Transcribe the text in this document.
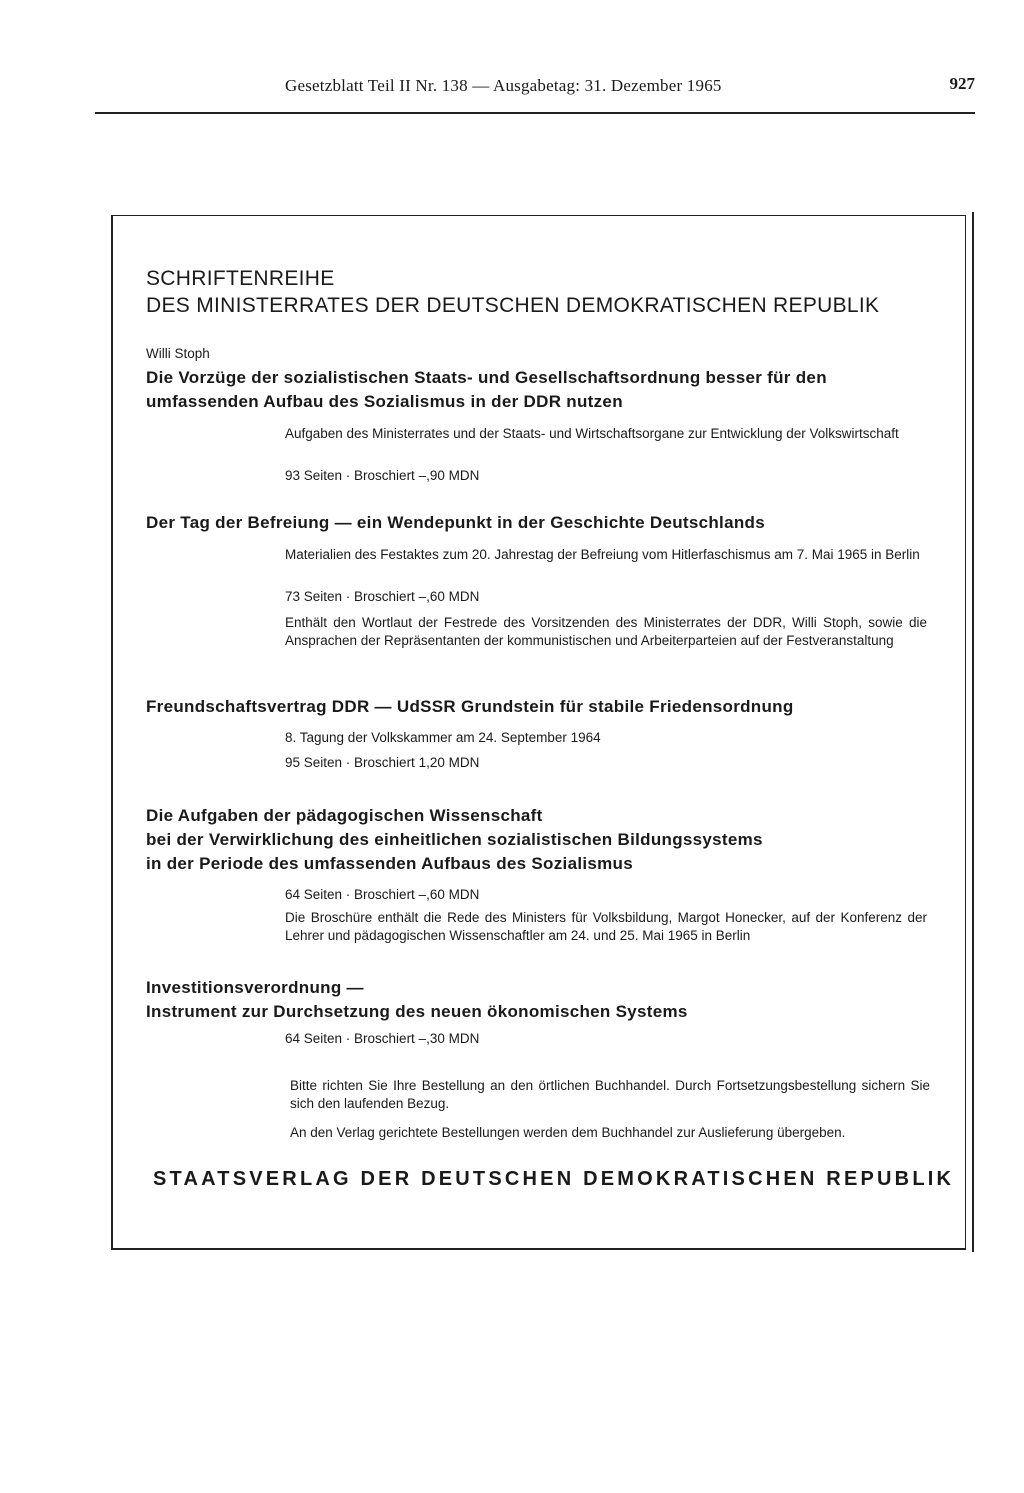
Gesetzblatt Teil II Nr. 138 — Ausgabetag: 31. Dezember 1965	927
SCHRIFTENREIHE
DES MINISTERRATES DER DEUTSCHEN DEMOKRATISCHEN REPUBLIK
Willi Stoph
Die Vorzüge der sozialistischen Staats- und Gesellschaftsordnung besser für den
umfassenden Aufbau des Sozialismus in der DDR nutzen
Aufgaben des Ministerrates und der Staats- und Wirtschaftsorgane zur Entwicklung der Volkswirtschaft
93 Seiten · Broschiert –,90 MDN
Der Tag der Befreiung — ein Wendepunkt in der Geschichte Deutschlands
Materialien des Festaktes zum 20. Jahrestag der Befreiung vom Hitlerfaschismus am 7. Mai 1965 in Berlin
73 Seiten · Broschiert –,60 MDN
Enthält den Wortlaut der Festrede des Vorsitzenden des Ministerrates der DDR, Willi Stoph, sowie die Ansprachen der Repräsentanten der kommunistischen und Arbeiterparteien auf der Festveranstaltung
Freundschaftsvertrag DDR — UdSSR Grundstein für stabile Friedensordnung
8. Tagung der Volkskammer am 24. September 1964
95 Seiten · Broschiert 1,20 MDN
Die Aufgaben der pädagogischen Wissenschaft
bei der Verwirklichung des einheitlichen sozialistischen Bildungssystems
in der Periode des umfassenden Aufbaus des Sozialismus
64 Seiten · Broschiert –,60 MDN
Die Broschüre enthält die Rede des Ministers für Volksbildung, Margot Honecker, auf der Konferenz der Lehrer und pädagogischen Wissenschaftler am 24. und 25. Mai 1965 in Berlin
Investitionsverordnung —
Instrument zur Durchsetzung des neuen ökonomischen Systems
64 Seiten · Broschiert –,30 MDN
Bitte richten Sie Ihre Bestellung an den örtlichen Buchhandel. Durch Fortsetzungsbestellung sichern Sie sich den laufenden Bezug.
An den Verlag gerichtete Bestellungen werden dem Buchhandel zur Auslieferung übergeben.
STAATSVERLAG DER DEUTSCHEN DEMOKRATISCHEN REPUBLIK
